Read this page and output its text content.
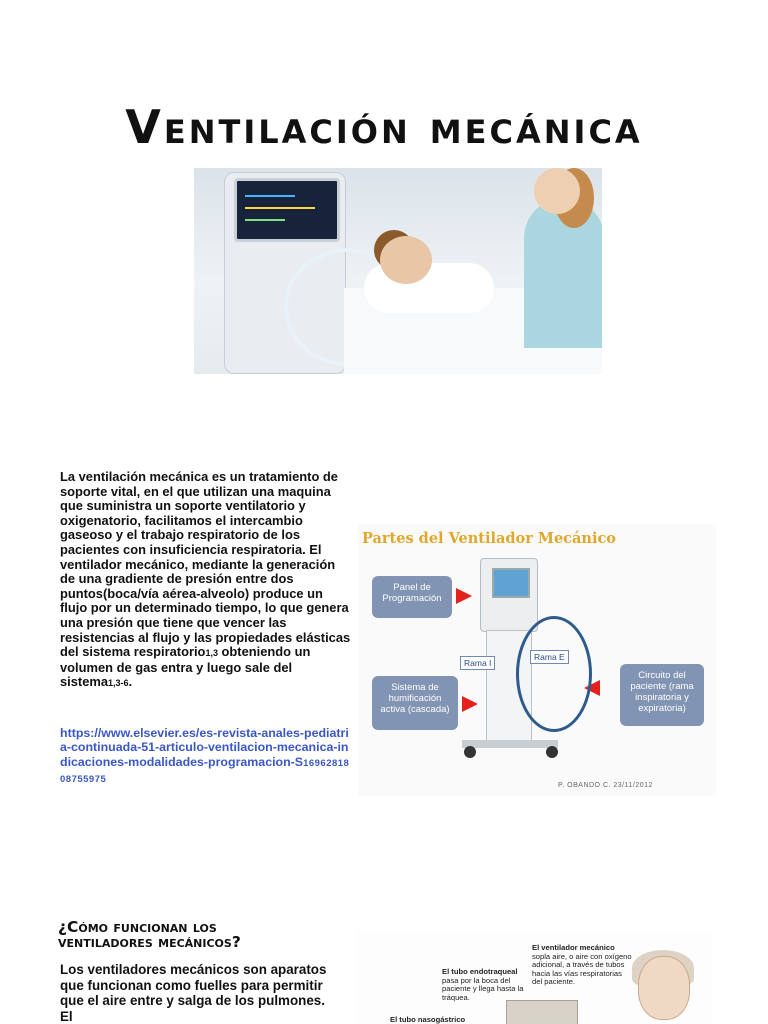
Ventilación mecánica
La ventilación mecánica es un tratamiento de soporte vital, en el que utilizan una maquina que suministra un soporte ventilatorio y oxigenatorio, facilitamos el intercambio gaseoso y el trabajo respiratorio de los pacientes con insuficiencia respiratoria. El ventilador mecánico, mediante la generación de una gradiente de presión entre dos puntos(boca/vía aérea-alveolo) produce un flujo por un determinado tiempo, lo que genera una presión que tiene que vencer las resistencias al flujo y las propiedades elásticas del sistema respiratorio1,3 obteniendo un volumen de gas entra y luego sale del sistema1,3-6.
https://www.elsevier.es/es-revista-anales-pediatria-continuada-51-articulo-ventilacion-mecanica-indicaciones-modalidades-programacion-S1696281808755975
Partes del Ventilador Mecánico
Panel de Programación
Sistema de humificación activa (cascada)
Circuito del paciente (rama inspiratoria y expiratoria)
Rama I
Rama E
P. OBANDO C. 23/11/2012
¿Cómo funcionan los ventiladores mecánicos?
Los ventiladores mecánicos son aparatos que funcionan como fuelles para permitir que el aire entre y salga de los pulmones. El
El ventilador mecánico
sopla aire, o aire con oxígeno adicional, a través de tubos hacia las vías respiratorias del paciente.
El tubo endotraqueal pasa por la boca del paciente y llega hasta la tráquea.
El tubo nasogástrico
